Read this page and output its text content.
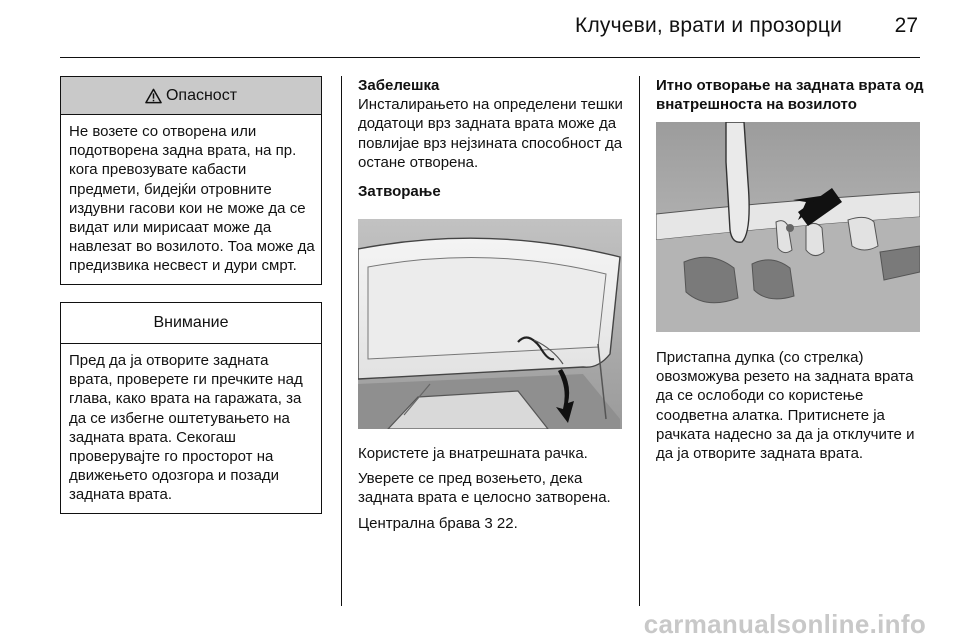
Клучеви, врати и прозорци	27
Опасност
Не возете со отворена или подотворена задна врата, на пр. кога превозувате кабасти предмети, бидејќи отровните издувни гасови кои не може да се видат или мирисаат може да навлезат во возилото. Тоа може да предизвика несвест и дури смрт.
Внимание
Пред да ја отворите задната врата, проверете ги пречките над глава, како врата на гаражата, за да се избегне оштетувањето на задната врата. Секогаш проверувајте го просторот на движењето одозгора и позади задната врата.
Забелешка
Инсталирањето на определени тешки додатоци врз задната врата може да повлијае врз нејзината способност да остане отворена.
Затворање

Користете ја внатрешната рачка.

Уверете се пред возењето, дека задната врата е целосно затворена.

Централна брава 3 22.

Итно отворање на задната врата од внатрешноста на возилото
Пристапна дупка (со стрелка) овозможува резето на задната врата да се ослободи со користење соодветна алатка. Притиснете ја рачката надесно за да ја отклучите и да ја отворите задната врата.
carmanualsonline.info
